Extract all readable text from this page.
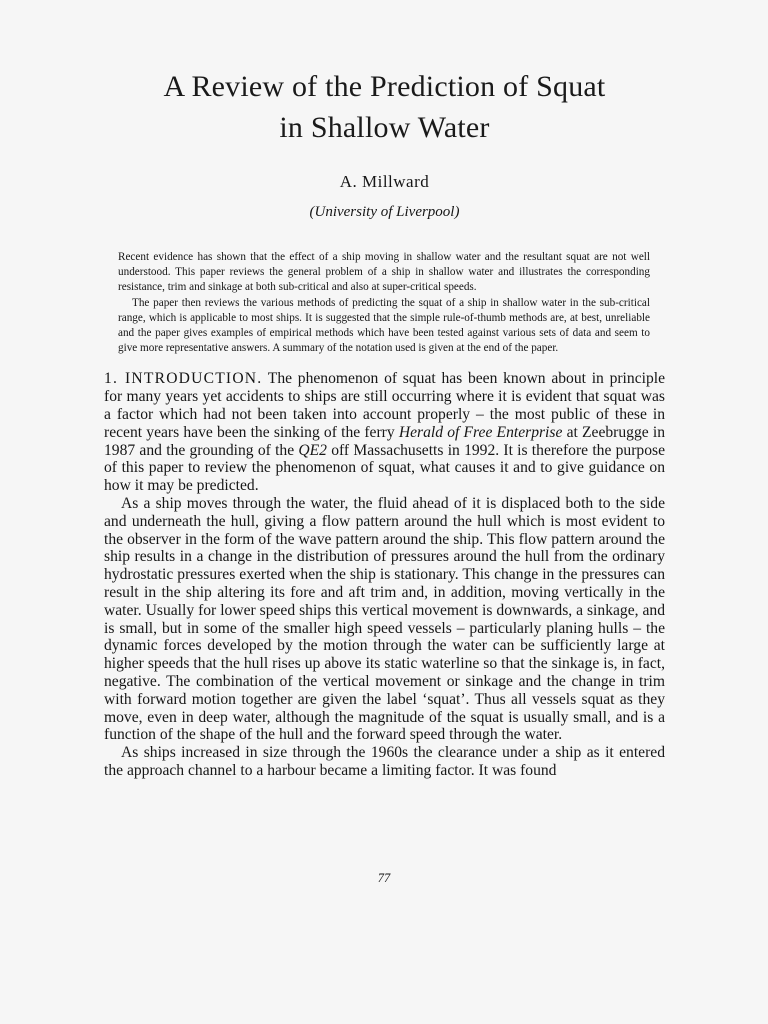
A Review of the Prediction of Squat
in Shallow Water
A. Millward
(University of Liverpool)

Recent evidence has shown that the effect of a ship moving in shallow water and the resultant squat are not well understood. This paper reviews the general problem of a ship in shallow water and illustrates the corresponding resistance, trim and sinkage at both sub-critical and also at super-critical speeds.

The paper then reviews the various methods of predicting the squat of a ship in shallow water in the sub-critical range, which is applicable to most ships. It is suggested that the simple rule-of-thumb methods are, at best, unreliable and the paper gives examples of empirical methods which have been tested against various sets of data and seem to give more representative answers. A summary of the notation used is given at the end of the paper.

1. INTRODUCTION. The phenomenon of squat has been known about in principle for many years yet accidents to ships are still occurring where it is evident that squat was a factor which had not been taken into account properly – the most public of these in recent years have been the sinking of the ferry Herald of Free Enterprise at Zeebrugge in 1987 and the grounding of the QE2 off Massachusetts in 1992. It is therefore the purpose of this paper to review the phenomenon of squat, what causes it and to give guidance on how it may be predicted.

As a ship moves through the water, the fluid ahead of it is displaced both to the side and underneath the hull, giving a flow pattern around the hull which is most evident to the observer in the form of the wave pattern around the ship. This flow pattern around the ship results in a change in the distribution of pressures around the hull from the ordinary hydrostatic pressures exerted when the ship is stationary. This change in the pressures can result in the ship altering its fore and aft trim and, in addition, moving vertically in the water. Usually for lower speed ships this vertical movement is downwards, a sinkage, and is small, but in some of the smaller high speed vessels – particularly planing hulls – the dynamic forces developed by the motion through the water can be sufficiently large at higher speeds that the hull rises up above its static waterline so that the sinkage is, in fact, negative. The combination of the vertical movement or sinkage and the change in trim with forward motion together are given the label ‘squat’. Thus all vessels squat as they move, even in deep water, although the magnitude of the squat is usually small, and is a function of the shape of the hull and the forward speed through the water.

As ships increased in size through the 1960s the clearance under a ship as it entered the approach channel to a harbour became a limiting factor. It was found

77
